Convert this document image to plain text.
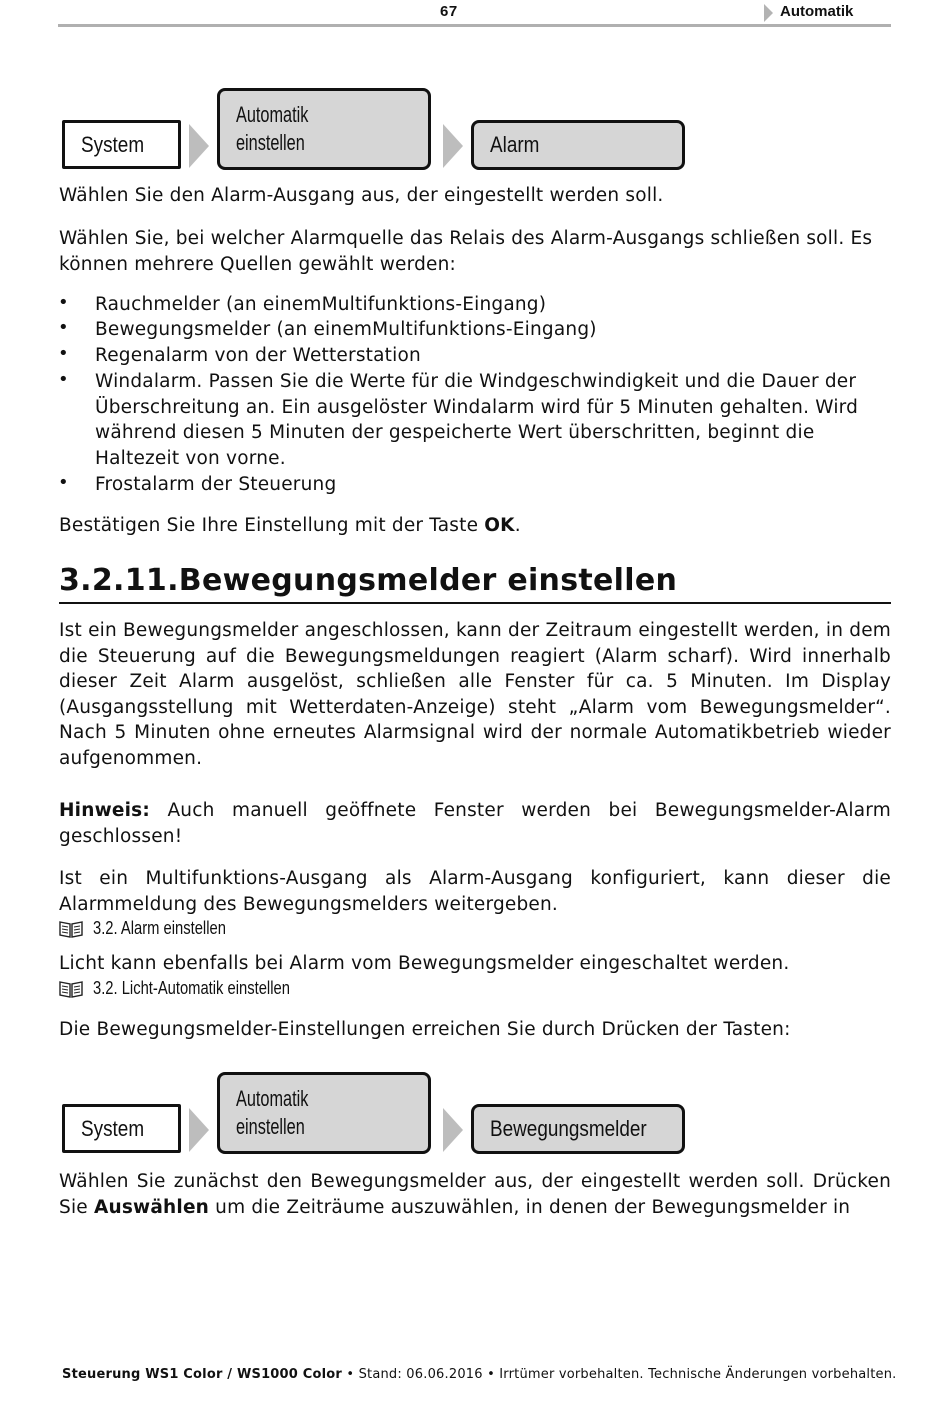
67	Automatik
System
Automatik
einstellen	Alarm
Wählen Sie den Alarm-Ausgang aus, der eingestellt werden soll.
Wählen Sie, bei welcher Alarmquelle das Relais des Alarm-Ausgangs schließen soll. Es können mehrere Quellen gewählt werden:
• Rauchmelder (an einemMultifunktions-Eingang)
• Bewegungsmelder (an einemMultifunktions-Eingang)
• Regenalarm von der Wetterstation
• Windalarm. Passen Sie die Werte für die Windgeschwindigkeit und die Dauer der Überschreitung an. Ein ausgelöster Windalarm wird für 5 Minuten gehalten. Wird während diesen 5 Minuten der gespeicherte Wert überschritten, beginnt die Haltezeit von vorne.
• Frostalarm der Steuerung
Bestätigen Sie Ihre Einstellung mit der Taste OK.
3.2.11.Bewegungsmelder einstellen
Ist ein Bewegungsmelder angeschlossen, kann der Zeitraum eingestellt werden, in dem die Steuerung auf die Bewegungsmeldungen reagiert (Alarm scharf). Wird innerhalb dieser Zeit Alarm ausgelöst, schließen alle Fenster für ca. 5 Minuten. Im Display (Ausgangsstellung mit Wetterdaten-Anzeige) steht „Alarm vom Bewegungsmelder“. Nach 5 Minuten ohne erneutes Alarmsignal wird der normale Automatikbetrieb wieder aufgenommen.
Hinweis: Auch manuell geöffnete Fenster werden bei Bewegungsmelder-Alarm geschlossen!
Ist ein Multifunktions-Ausgang als Alarm-Ausgang konfiguriert, kann dieser die Alarmmeldung des Bewegungsmelders weitergeben.
3.2. Alarm einstellen
Licht kann ebenfalls bei Alarm vom Bewegungsmelder eingeschaltet werden.
3.2. Licht-Automatik einstellen
Die Bewegungsmelder-Einstellungen erreichen Sie durch Drücken der Tasten:
System
Automatik
einstellen	Bewegungsmelder
Wählen Sie zunächst den Bewegungsmelder aus, der eingestellt werden soll. Drücken Sie Auswählen um die Zeiträume auszuwählen, in denen der Bewegungsmelder in
Steuerung WS1 Color / WS1000 Color • Stand: 06.06.2016 • Irrtümer vorbehalten. Technische Änderungen vorbehalten.
